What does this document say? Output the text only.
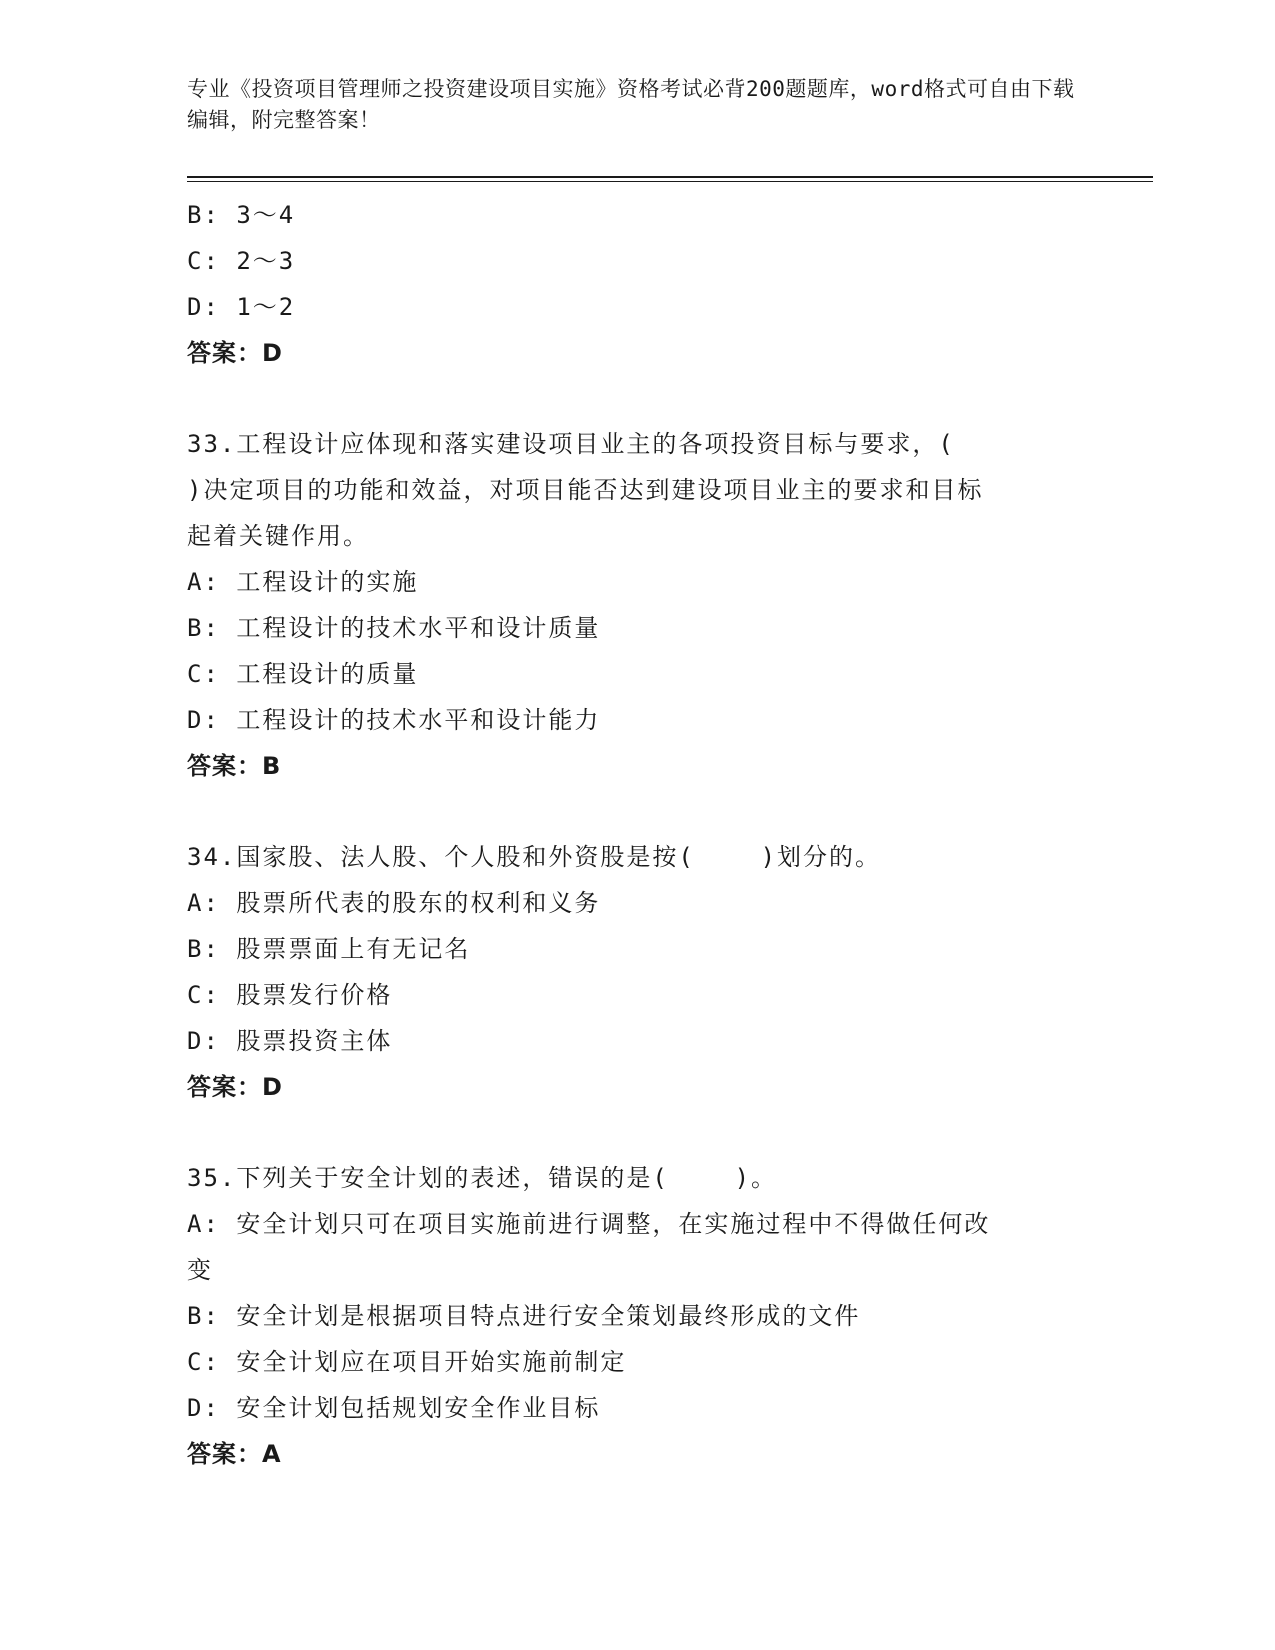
专业《投资项目管理师之投资建设项目实施》资格考试必背200题题库，word格式可自由下载编辑，附完整答案！
B: 3～4
C: 2～3
D: 1～2
答案：D
33.工程设计应体现和落实建设项目业主的各项投资目标与要求，(
)决定项目的功能和效益，对项目能否达到建设项目业主的要求和目标
起着关键作用。
A: 工程设计的实施
B: 工程设计的技术水平和设计质量
C: 工程设计的质量
D: 工程设计的技术水平和设计能力
答案：B
34.国家股、法人股、个人股和外资股是按(    )划分的。
A: 股票所代表的股东的权利和义务
B: 股票票面上有无记名
C: 股票发行价格
D: 股票投资主体
答案：D
35.下列关于安全计划的表述，错误的是(    )。
A: 安全计划只可在项目实施前进行调整，在实施过程中不得做任何改
变
B: 安全计划是根据项目特点进行安全策划最终形成的文件
C: 安全计划应在项目开始实施前制定
D: 安全计划包括规划安全作业目标
答案：A
